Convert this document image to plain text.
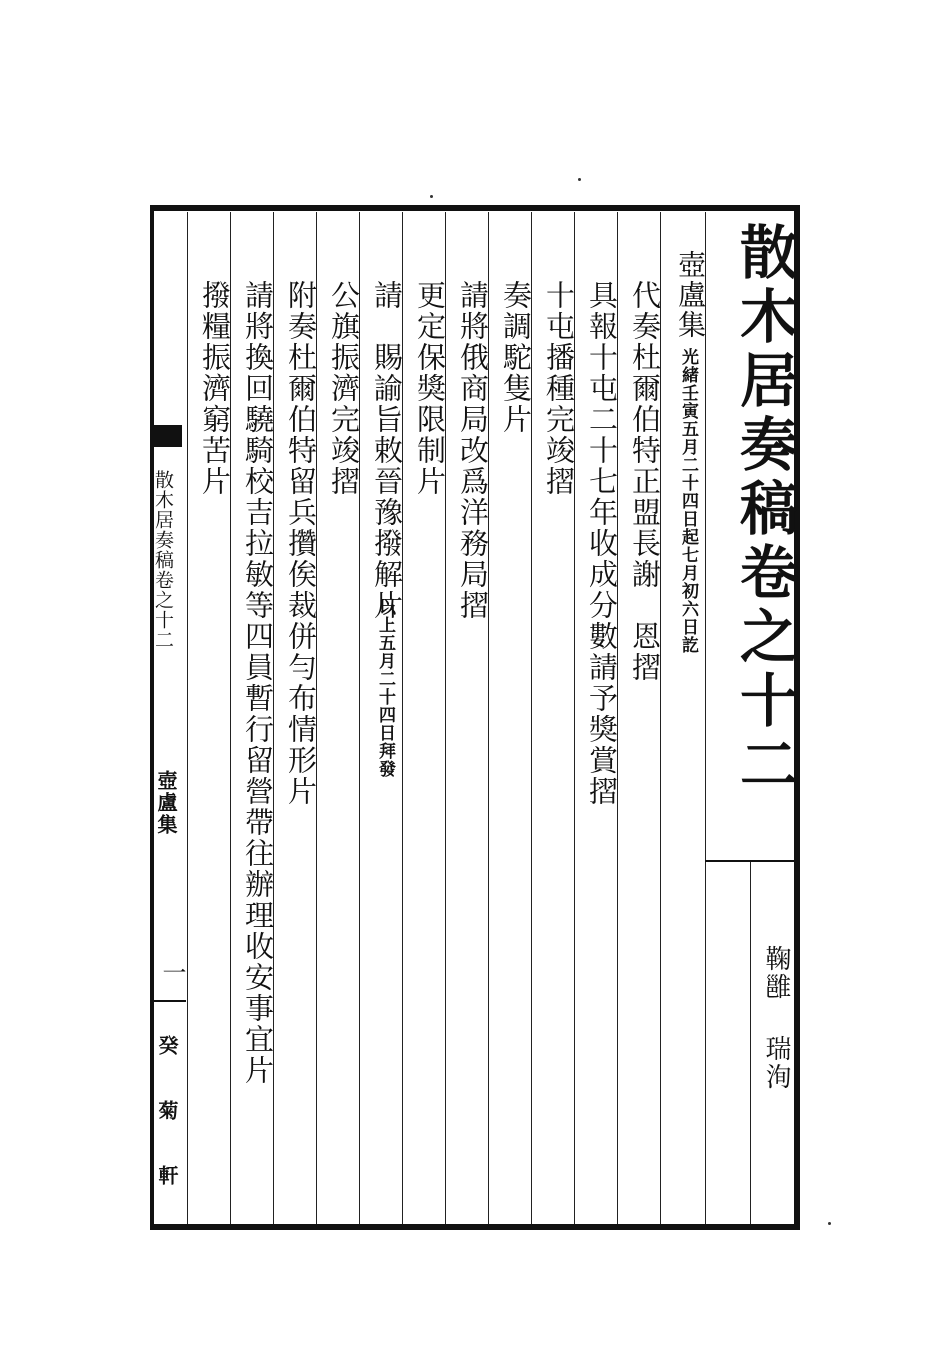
散木居奏稿卷之十二
鞠雝
瑞洵
壺盧集
光緒壬寅五月二十四日起七月初六日訖
代奏杜爾伯特正盟長謝　恩摺
具報十屯二十七年收成分數請予獎賞摺
十屯播種完竣摺
奏調駝隻片
請將俄商局改爲洋務局摺
更定保獎限制片
請　賜諭旨敕晉豫撥解片
以上五月二十四日拜發
公旗振濟完竣摺
附奏杜爾伯特留兵攢俟裁併勻布情形片
請將換回驍騎校吉拉敏等四員暫行留營帶往辦理收安事宜片
撥糧振濟窮苦片
散木居奏稿卷之十二
壺盧集
一
癸
菊
軒
